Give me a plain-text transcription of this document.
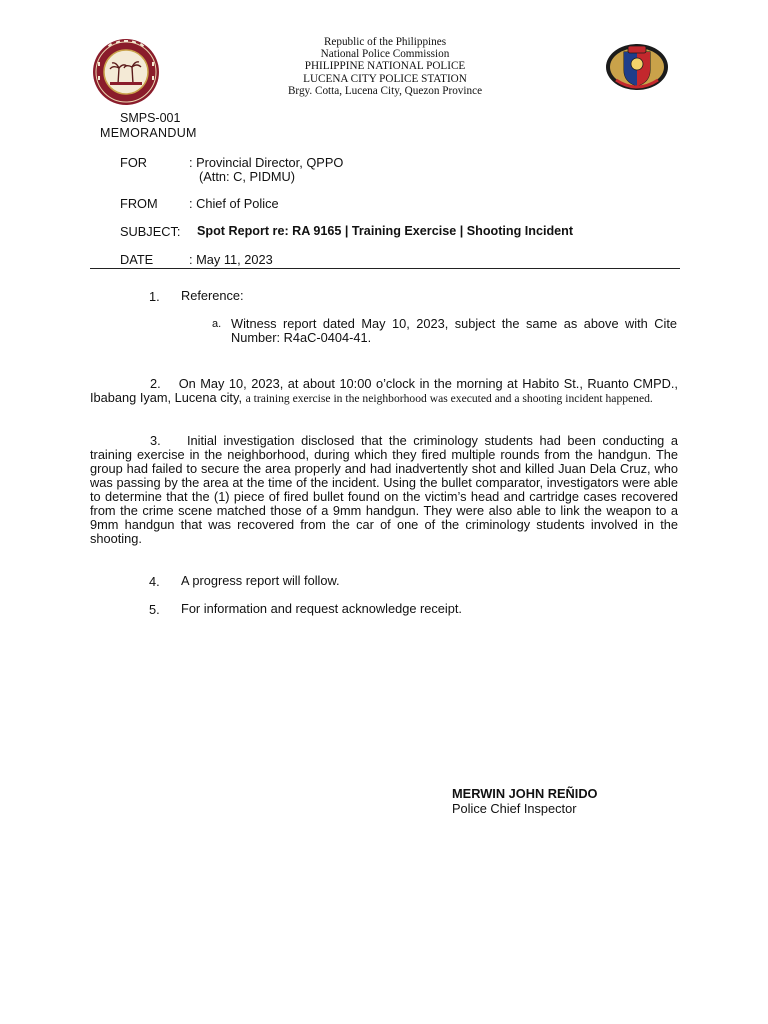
Republic of the Philippines
National Police Commission
PHILIPPINE NATIONAL POLICE
LUCENA CITY POLICE STATION
Brgy. Cotta, Lucena City, Quezon Province
SMPS-001
MEMORANDUM
FOR	: Provincial Director, QPPO
(Attn: C, PIDMU)
FROM : Chief of Police
SUBJECT: Spot Report re: RA 9165 | Training Exercise | Shooting Incident
DATE	: May 11, 2023
1. Reference:
a. Witness report dated May 10, 2023, subject the same as above with Cite Number: R4aC-0404-41.
2. On May 10, 2023, at about 10:00 o’clock in the morning at Habito St., Ruanto CMPD., Ibabang Iyam, Lucena city, a training exercise in the neighborhood was executed and a shooting incident happened.
3. Initial investigation disclosed that the criminology students had been conducting a training exercise in the neighborhood, during which they fired multiple rounds from the handgun. The group had failed to secure the area properly and had inadvertently shot and killed Juan Dela Cruz, who was passing by the area at the time of the incident. Using the bullet comparator, investigators were able to determine that the (1) piece of fired bullet found on the victim’s head and cartridge cases recovered from the crime scene matched those of a 9mm handgun. They were also able to link the weapon to a 9mm handgun that was recovered from the car of one of the criminology students involved in the shooting.
4. A progress report will follow.
5. For information and request acknowledge receipt.
MERWIN JOHN REÑIDO
Police Chief Inspector
